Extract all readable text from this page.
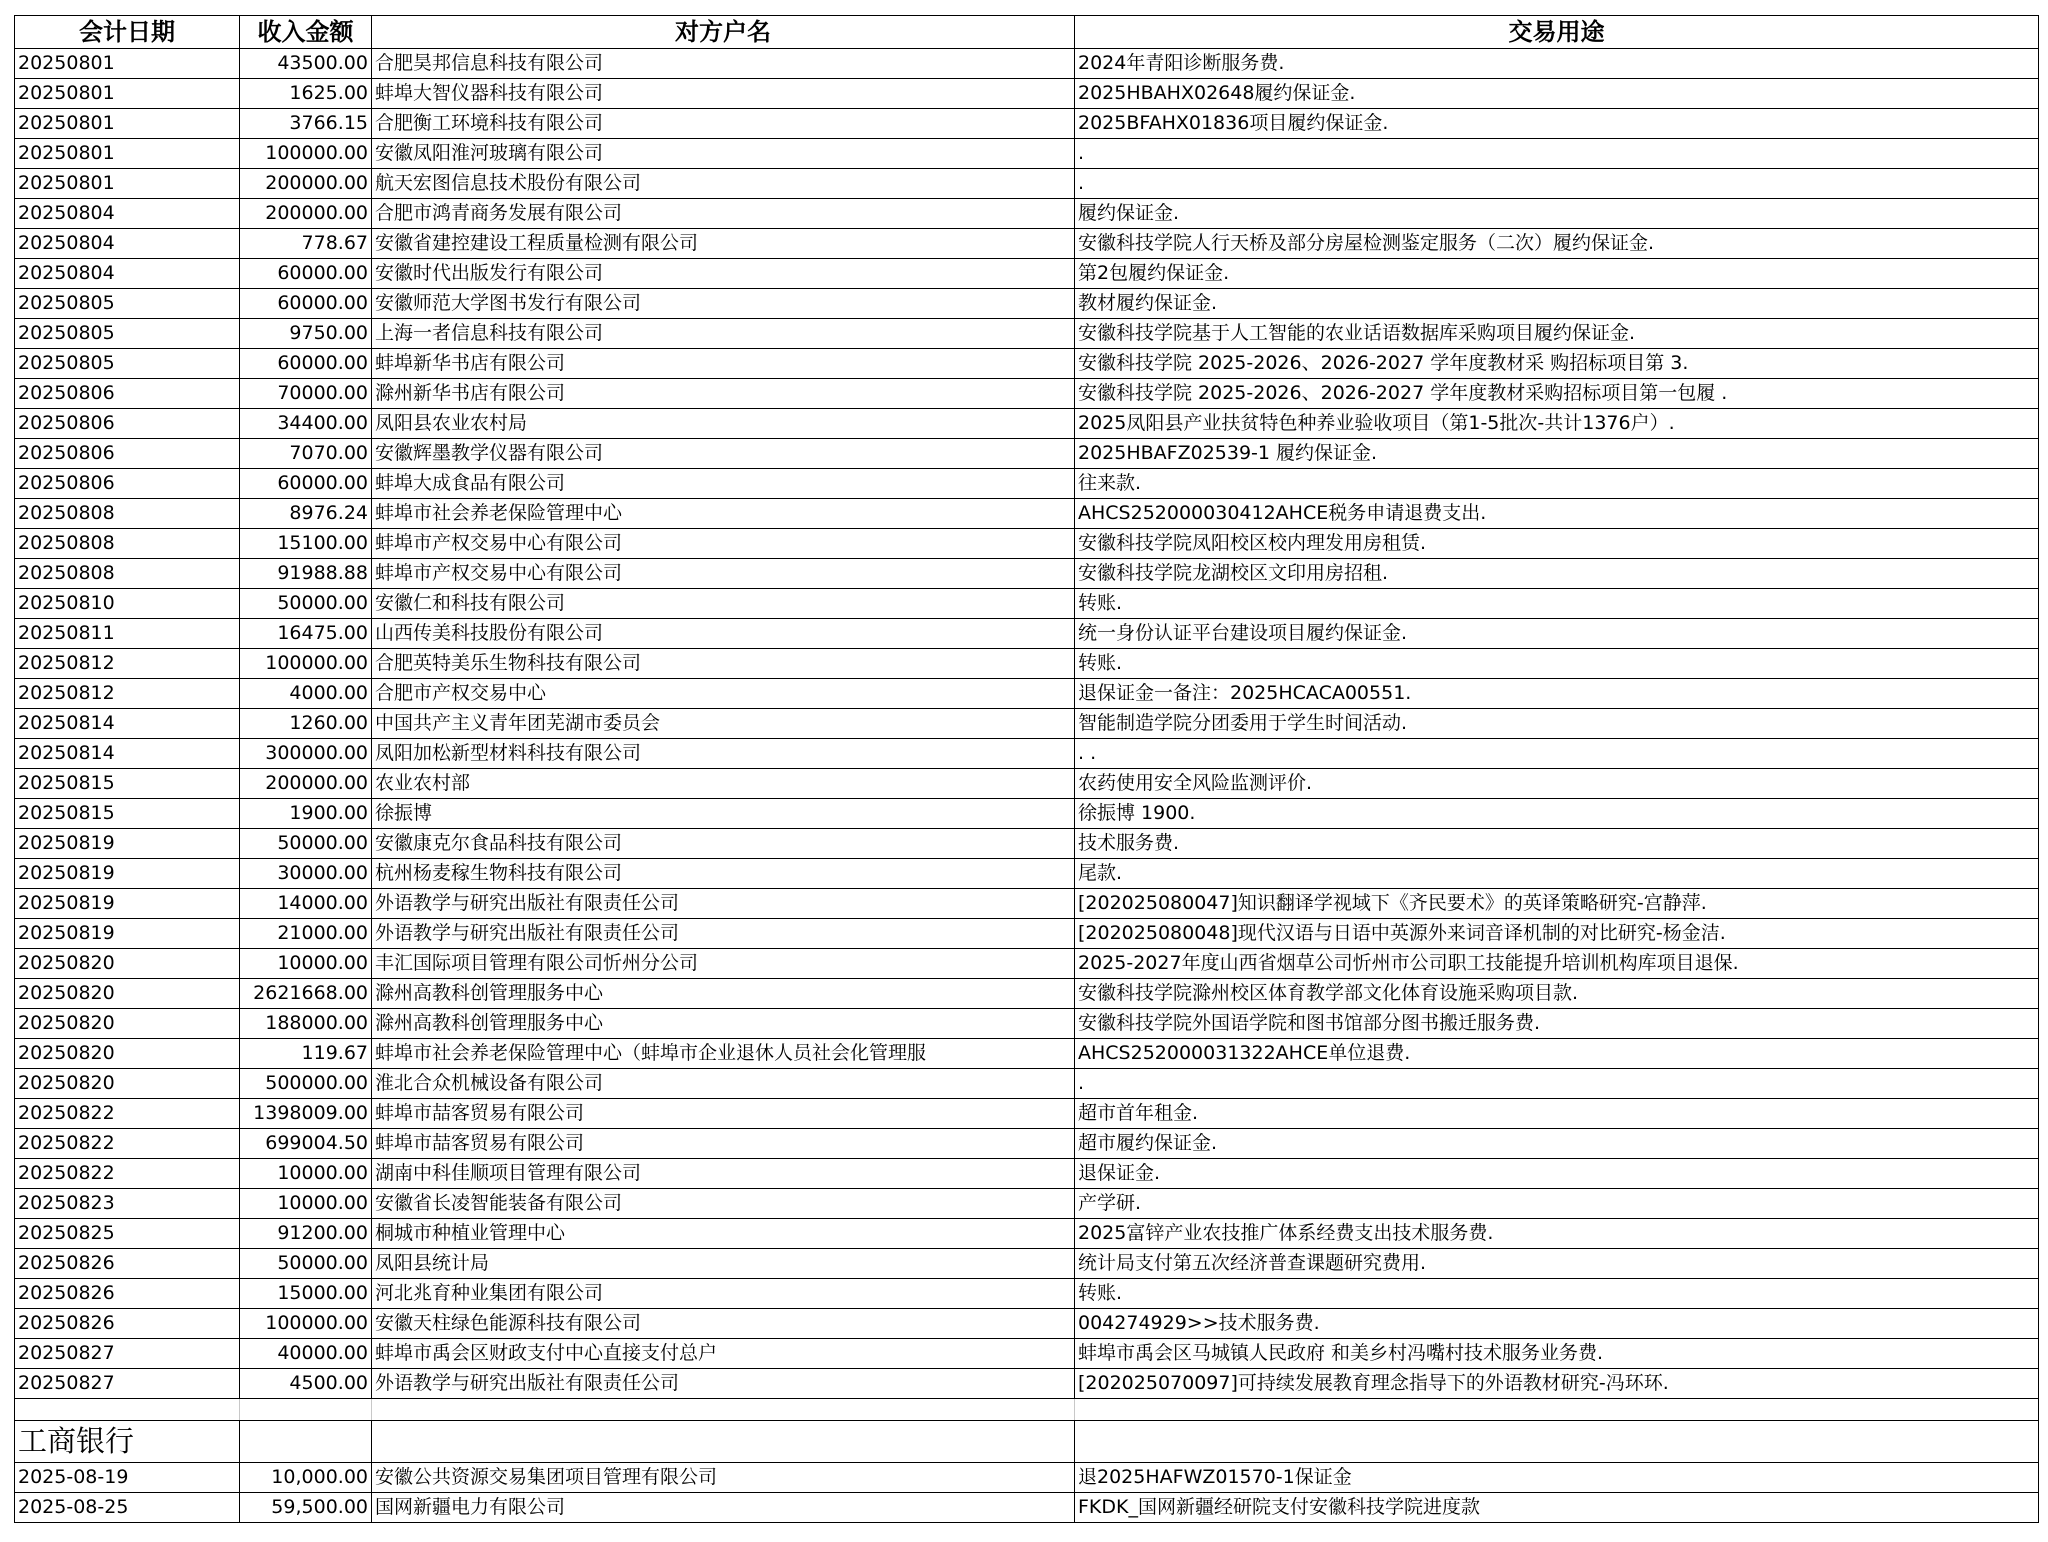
会计日期	收入金额	对方户名	交易用途
20250801	43500.00	合肥昊邦信息科技有限公司	2024年青阳诊断服务费.
20250801	1625.00	蚌埠大智仪器科技有限公司	2025HBAHX02648履约保证金.
20250801	3766.15	合肥衡工环境科技有限公司	2025BFAHX01836项目履约保证金.
20250801	100000.00	安徽凤阳淮河玻璃有限公司	.
20250801	200000.00	航天宏图信息技术股份有限公司	.
20250804	200000.00	合肥市鸿青商务发展有限公司	履约保证金.
20250804	778.67	安徽省建控建设工程质量检测有限公司	安徽科技学院人行天桥及部分房屋检测鉴定服务（二次）履约保证金.
20250804	60000.00	安徽时代出版发行有限公司	第2包履约保证金.
20250805	60000.00	安徽师范大学图书发行有限公司	教材履约保证金.
20250805	9750.00	上海一者信息科技有限公司	安徽科技学院基于人工智能的农业话语数据库采购项目履约保证金.
20250805	60000.00	蚌埠新华书店有限公司	安徽科技学院 2025-2026、2026-2027 学年度教材采 购招标项目第 3.
20250806	70000.00	滁州新华书店有限公司	安徽科技学院 2025-2026、2026-2027 学年度教材采购招标项目第一包履 .
20250806	34400.00	凤阳县农业农村局	2025凤阳县产业扶贫特色种养业验收项目（第1-5批次-共计1376户）.
20250806	7070.00	安徽辉墨教学仪器有限公司	2025HBAFZ02539-1 履约保证金.
20250806	60000.00	蚌埠大成食品有限公司	往来款.
20250808	8976.24	蚌埠市社会养老保险管理中心	AHCS252000030412AHCE税务申请退费支出.
20250808	15100.00	蚌埠市产权交易中心有限公司	安徽科技学院凤阳校区校内理发用房租赁.
20250808	91988.88	蚌埠市产权交易中心有限公司	安徽科技学院龙湖校区文印用房招租.
20250810	50000.00	安徽仁和科技有限公司	转账.
20250811	16475.00	山西传美科技股份有限公司	统一身份认证平台建设项目履约保证金.
20250812	100000.00	合肥英特美乐生物科技有限公司	转账.
20250812	4000.00	合肥市产权交易中心	退保证金一备注：2025HCACA00551.
20250814	1260.00	中国共产主义青年团芜湖市委员会	智能制造学院分团委用于学生时间活动.
20250814	300000.00	凤阳加松新型材料科技有限公司	. .
20250815	200000.00	农业农村部	农药使用安全风险监测评价.
20250815	1900.00	徐振博	徐振博 1900.
20250819	50000.00	安徽康克尔食品科技有限公司	技术服务费.
20250819	30000.00	杭州杨麦稼生物科技有限公司	尾款.
20250819	14000.00	外语教学与研究出版社有限责任公司	[202025080047]知识翻译学视域下《齐民要术》的英译策略研究-宫静萍.
20250819	21000.00	外语教学与研究出版社有限责任公司	[202025080048]现代汉语与日语中英源外来词音译机制的对比研究-杨金洁.
20250820	10000.00	丰汇国际项目管理有限公司忻州分公司	2025-2027年度山西省烟草公司忻州市公司职工技能提升培训机构库项目退保.
20250820	2621668.00	滁州高教科创管理服务中心	安徽科技学院滁州校区体育教学部文化体育设施采购项目款.
20250820	188000.00	滁州高教科创管理服务中心	安徽科技学院外国语学院和图书馆部分图书搬迁服务费.
20250820	119.67	蚌埠市社会养老保险管理中心（蚌埠市企业退休人员社会化管理服	AHCS252000031322AHCE单位退费.
20250820	500000.00	淮北合众机械设备有限公司	.
20250822	1398009.00	蚌埠市喆客贸易有限公司	超市首年租金.
20250822	699004.50	蚌埠市喆客贸易有限公司	超市履约保证金.
20250822	10000.00	湖南中科佳顺项目管理有限公司	退保证金.
20250823	10000.00	安徽省长凌智能装备有限公司	产学研.
20250825	91200.00	桐城市种植业管理中心	2025富锌产业农技推广体系经费支出技术服务费.
20250826	50000.00	凤阳县统计局	统计局支付第五次经济普查课题研究费用.
20250826	15000.00	河北兆育种业集团有限公司	转账.
20250826	100000.00	安徽天柱绿色能源科技有限公司	004274929>>技术服务费.
20250827	40000.00	蚌埠市禹会区财政支付中心直接支付总户	蚌埠市禹会区马城镇人民政府 和美乡村冯嘴村技术服务业务费.
20250827	4500.00	外语教学与研究出版社有限责任公司	[202025070097]可持续发展教育理念指导下的外语教材研究-冯环环.

工商银行			
2025-08-19	10,000.00	安徽公共资源交易集团项目管理有限公司	退2025HAFWZ01570-1保证金
2025-08-25	59,500.00	国网新疆电力有限公司	FKDK_国网新疆经研院支付安徽科技学院进度款
